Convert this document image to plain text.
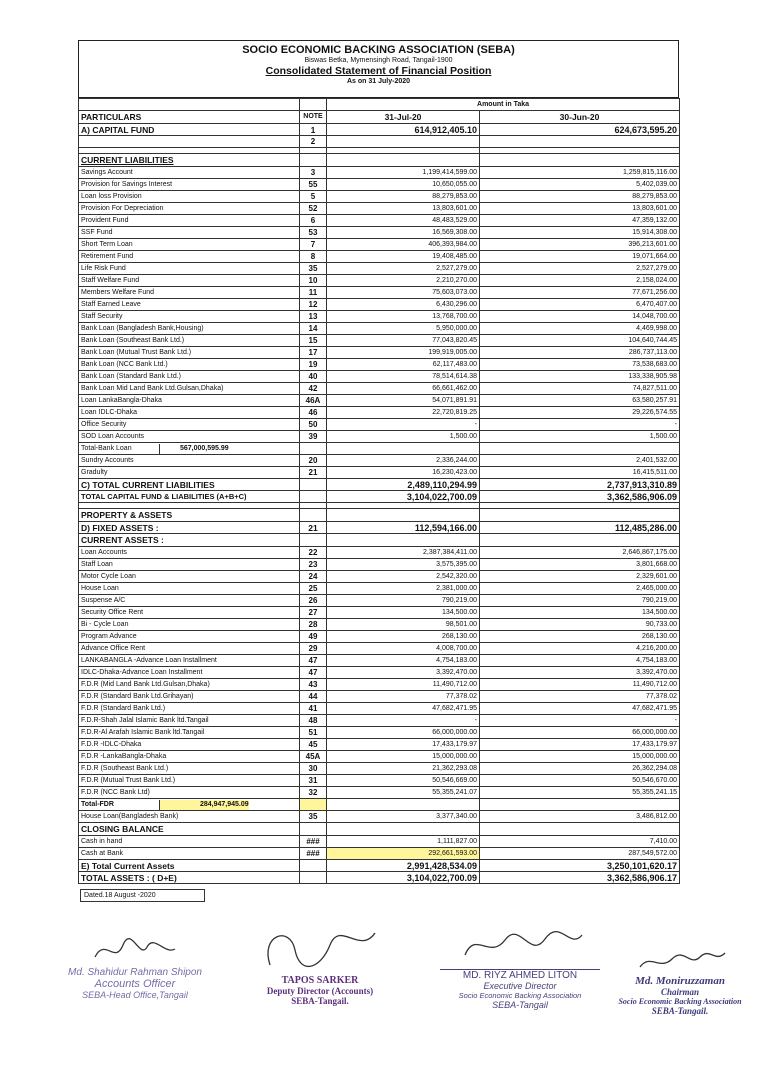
SOCIO ECONOMIC BACKING ASSOCIATION (SEBA)
Biswas Betka, Mymensingh Road, Tangail-1900
Consolidated Statement of Financial Position
As on 31 July-2020
		Amount in Taka	
PARTICULARS	NOTE	31-Jul-20	30-Jun-20
A) CAPITAL FUND	1	614,912,405.10	624,673,595.20
	2		

CURRENT LIABILITIES			
Savings Account	3	1,199,414,599.00	1,259,815,116.00
Provision for Savings Interest	55	10,650,055.00	5,402,039.00
Loan loss Provision	5	88,279,853.00	88,279,853.00
Provision For Depreciation	52	13,803,601.00	13,803,601.00
Provident Fund	6	48,483,529.00	47,359,132.00
SSF Fund	53	16,569,308.00	15,914,308.00
Short Term Loan	7	406,393,984.00	396,213,601.00
Retirement Fund	8	19,408,485.00	19,071,664.00
Life Risk Fund	35	2,527,279.00	2,527,279.00
Staff Welfare Fund	10	2,210,270.00	2,158,024.00
Members Welfare Fund	11	75,603,073.00	77,671,256.00
Staff Earned Leave	12	6,430,296.00	6,470,407.00
Staff Security	13	13,768,700.00	14,048,700.00
Bank Loan (Bangladesh Bank,Housing)	14	5,950,000.00	4,469,998.00
Bank Loan (Southeast Bank Ltd.)	15	77,043,820.45	104,640,744.45
Bank Loan (Mutual Trust Bank Ltd.)	17	199,919,005.00	286,737,113.00
Bank Loan (NCC Bank Ltd.)	19	62,117,483.00	73,538,683.00
Bank Loan (Standard Bank Ltd.)	40	78,514,614.38	133,338,905.98
Bank Loan Mid Land Bank Ltd.Gulsan,Dhaka)	42	66,661,462.00	74,827,511.00
Loan LankaBangla-Dhaka	46A	54,071,891.91	63,580,257.91
Loan IDLC-Dhaka	46	22,720,819.25	29,226,574.55
Office Security	50	-	-
SOD Loan Accounts	39	1,500.00	1,500.00
Total-Bank Loan 567,000,595.99			
Sundry Accounts	20	2,336,244.00	2,401,532.00
Gradulty	21	16,230,423.00	16,415,511.00
C) TOTAL CURRENT LIABILITIES		2,489,110,294.99	2,737,913,310.89
TOTAL CAPITAL FUND & LIABILITIES (A+B+C)		3,104,022,700.09	3,362,586,906.09

PROPERTY & ASSETS			
D) FIXED ASSETS :	21	112,594,166.00	112,485,286.00
CURRENT ASSETS :			
Loan Accounts	22	2,387,384,411.00	2,646,867,175.00
Staff Loan	23	3,575,395.00	3,801,668.00
Motor Cycle Loan	24	2,542,320.00	2,329,601.00
House Loan	25	2,381,000.00	2,465,000.00
Suspense A/C	26	790,219.00	790,219.00
Security Office Rent	27	134,500.00	134,500.00
Bi - Cycle Loan	28	98,501.00	90,733.00
Program Advance	49	268,130.00	268,130.00
Advance Office Rent	29	4,008,700.00	4,216,200.00
LANKABANGLA -Advance Loan Installment	47	4,754,183.00	4,754,183.00
IDLC-Dhaka-Advance Loan Installment	47	3,392,470.00	3,392,470.00
F.D.R (Mid Land Bank Ltd.Gulsan,Dhaka)	43	11,490,712.00	11,490,712.00
F.D.R (Standard Bank Ltd.Grihayan)	44	77,378.02	77,378.02
F.D.R (Standard Bank Ltd.)	41	47,682,471.95	47,682,471.95
F.D.R-Shah Jalal Islamic Bank ltd.Tangail	48	-	-
F.D.R-Al Arafah Islamic Bank ltd.Tangail	51	66,000,000.00	66,000,000.00
F.D.R -IDLC-Dhaka	45	17,433,179.97	17,433,179.97
F.D.R -LankaBangla-Dhaka	45A	15,000,000.00	15,000,000.00
F.D.R (Southeast Bank Ltd.)	30	21,362,293.08	26,362,294.08
F.D.R (Mutual Trust Bank Ltd.)	31	50,546,669.00	50,546,670.00
F.D.R (NCC Bank Ltd)	32	55,355,241.07	55,355,241.15
Total-FDR 284,947,945.09			
House Loan(Bangladesh Bank)	35	3,377,340.00	3,486,812.00
CLOSING BALANCE			
Cash in hand	###	1,111,827.00	7,410.00
Cash at Bank	###	292,661,593.00	287,549,572.00
E) Total Current Assets		2,991,428,534.09	3,250,101,620.17
TOTAL ASSETS : ( D+E)		3,104,022,700.09	3,362,586,906.17
Dated.18 August -2020
Md. Shahidur Rahman Shipon
Accounts Officer
SEBA-Head Office,Tangail
TAPOS SARKER
Deputy Director (Accounts)
SEBA-Tangail.
MD. RIYZ AHMED LITON
Executive Director
Socio Economic Backing Association
SEBA-Tangail
Md. Moniruzzaman
Chairman
Socio Economic Backing Association
SEBA-Tangail.
